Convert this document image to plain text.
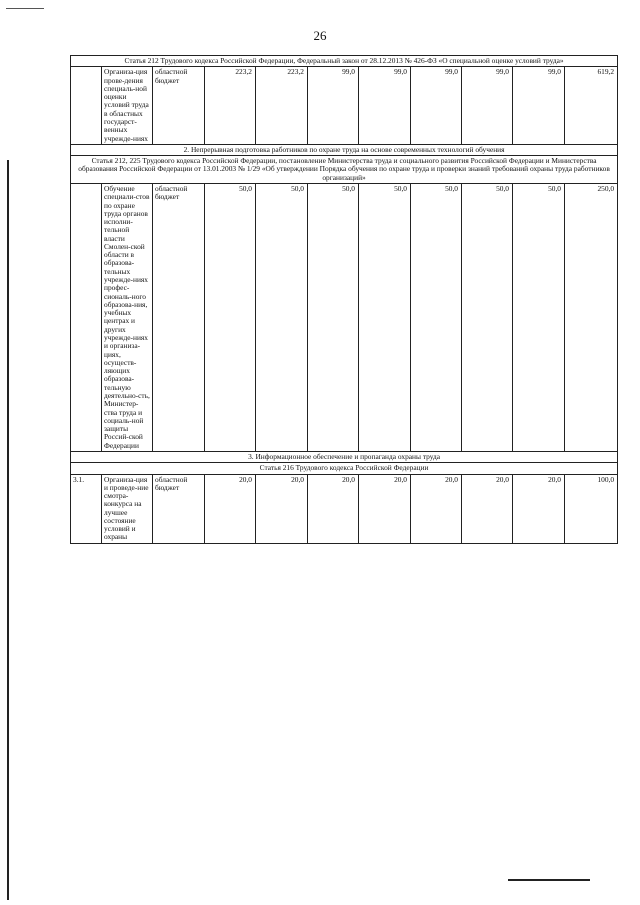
26
Статья 212 Трудового кодекса Российской Федерации, Федеральный закон от 28.12.2013 № 426-ФЗ «О специальной оценке условий труда»										
	Организа-ция прове-дения специаль-ной оценки условий труда в областных государст-венных учрежде-ниях	областной бюджет	223,2	223,2	99,0	99,0	99,0	99,0	99,0	619,2
2. Непрерывная подготовка работников по охране труда на основе современных технологий обучения										
Статья 212, 225 Трудового кодекса Российской Федерации, постановление Министерства труда и социального развития Российской Федерации и Министерства образования Российской Федерации от 13.01.2003 № 1/29 «Об утверждении Порядка обучения по охране труда и проверки знаний требований охраны труда работников организаций»										
	Обучение специали-стов по охране труда органов исполни-тельной власти Смолен-ской области в образова-тельных учрежде-ниях профес-сиональ-ного образова-ния, учебных центрах и других учрежде-ниях и организа-циях, осуществ-ляющих образова-тельную деятельно-сть, Министер-ства труда и социаль-ной защиты Россий-ской Федерации	областной бюджет	50,0	50,0	50,0	50,0	50,0	50,0	50,0	250,0
3. Информационное обеспечение и пропаганда охраны труда										
Статья 216 Трудового кодекса Российской Федерации										
3.1.	Организа-ция и проведе-ние смотра-конкурса на лучшее состояние условий и охраны	областной бюджет	20,0	20,0	20,0	20,0	20,0	20,0	20,0	100,0
